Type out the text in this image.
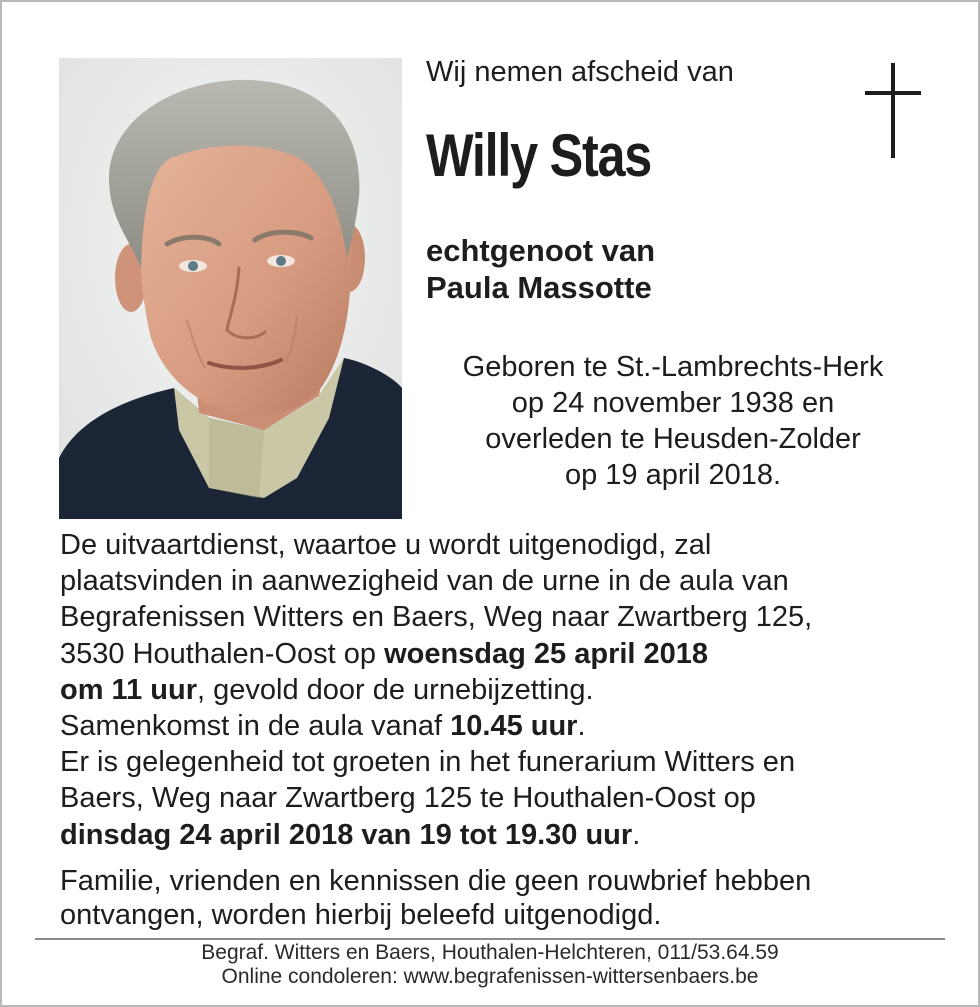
Wij nemen afscheid van
Willy Stas
echtgenoot van
Paula Massotte
Geboren te St.-Lambrechts-Herk
op 24 november 1938 en
overleden te Heusden-Zolder
op 19 april 2018.
De uitvaartdienst, waartoe u wordt uitgenodigd, zal
plaatsvinden in aanwezigheid van de urne in de aula van
Begrafenissen Witters en Baers, Weg naar Zwartberg 125,
3530 Houthalen-Oost op woensdag 25 april 2018
om 11 uur, gevold door de urnebijzetting.
Samenkomst in de aula vanaf 10.45 uur.
Er is gelegenheid tot groeten in het funerarium Witters en
Baers, Weg naar Zwartberg 125 te Houthalen-Oost op
dinsdag 24 april 2018 van 19 tot 19.30 uur.
Familie, vrienden en kennissen die geen rouwbrief hebben
ontvangen, worden hierbij beleefd uitgenodigd.
Begraf. Witters en Baers, Houthalen-Helchteren, 011/53.64.59
Online condoleren: www.begrafenissen-wittersenbaers.be
